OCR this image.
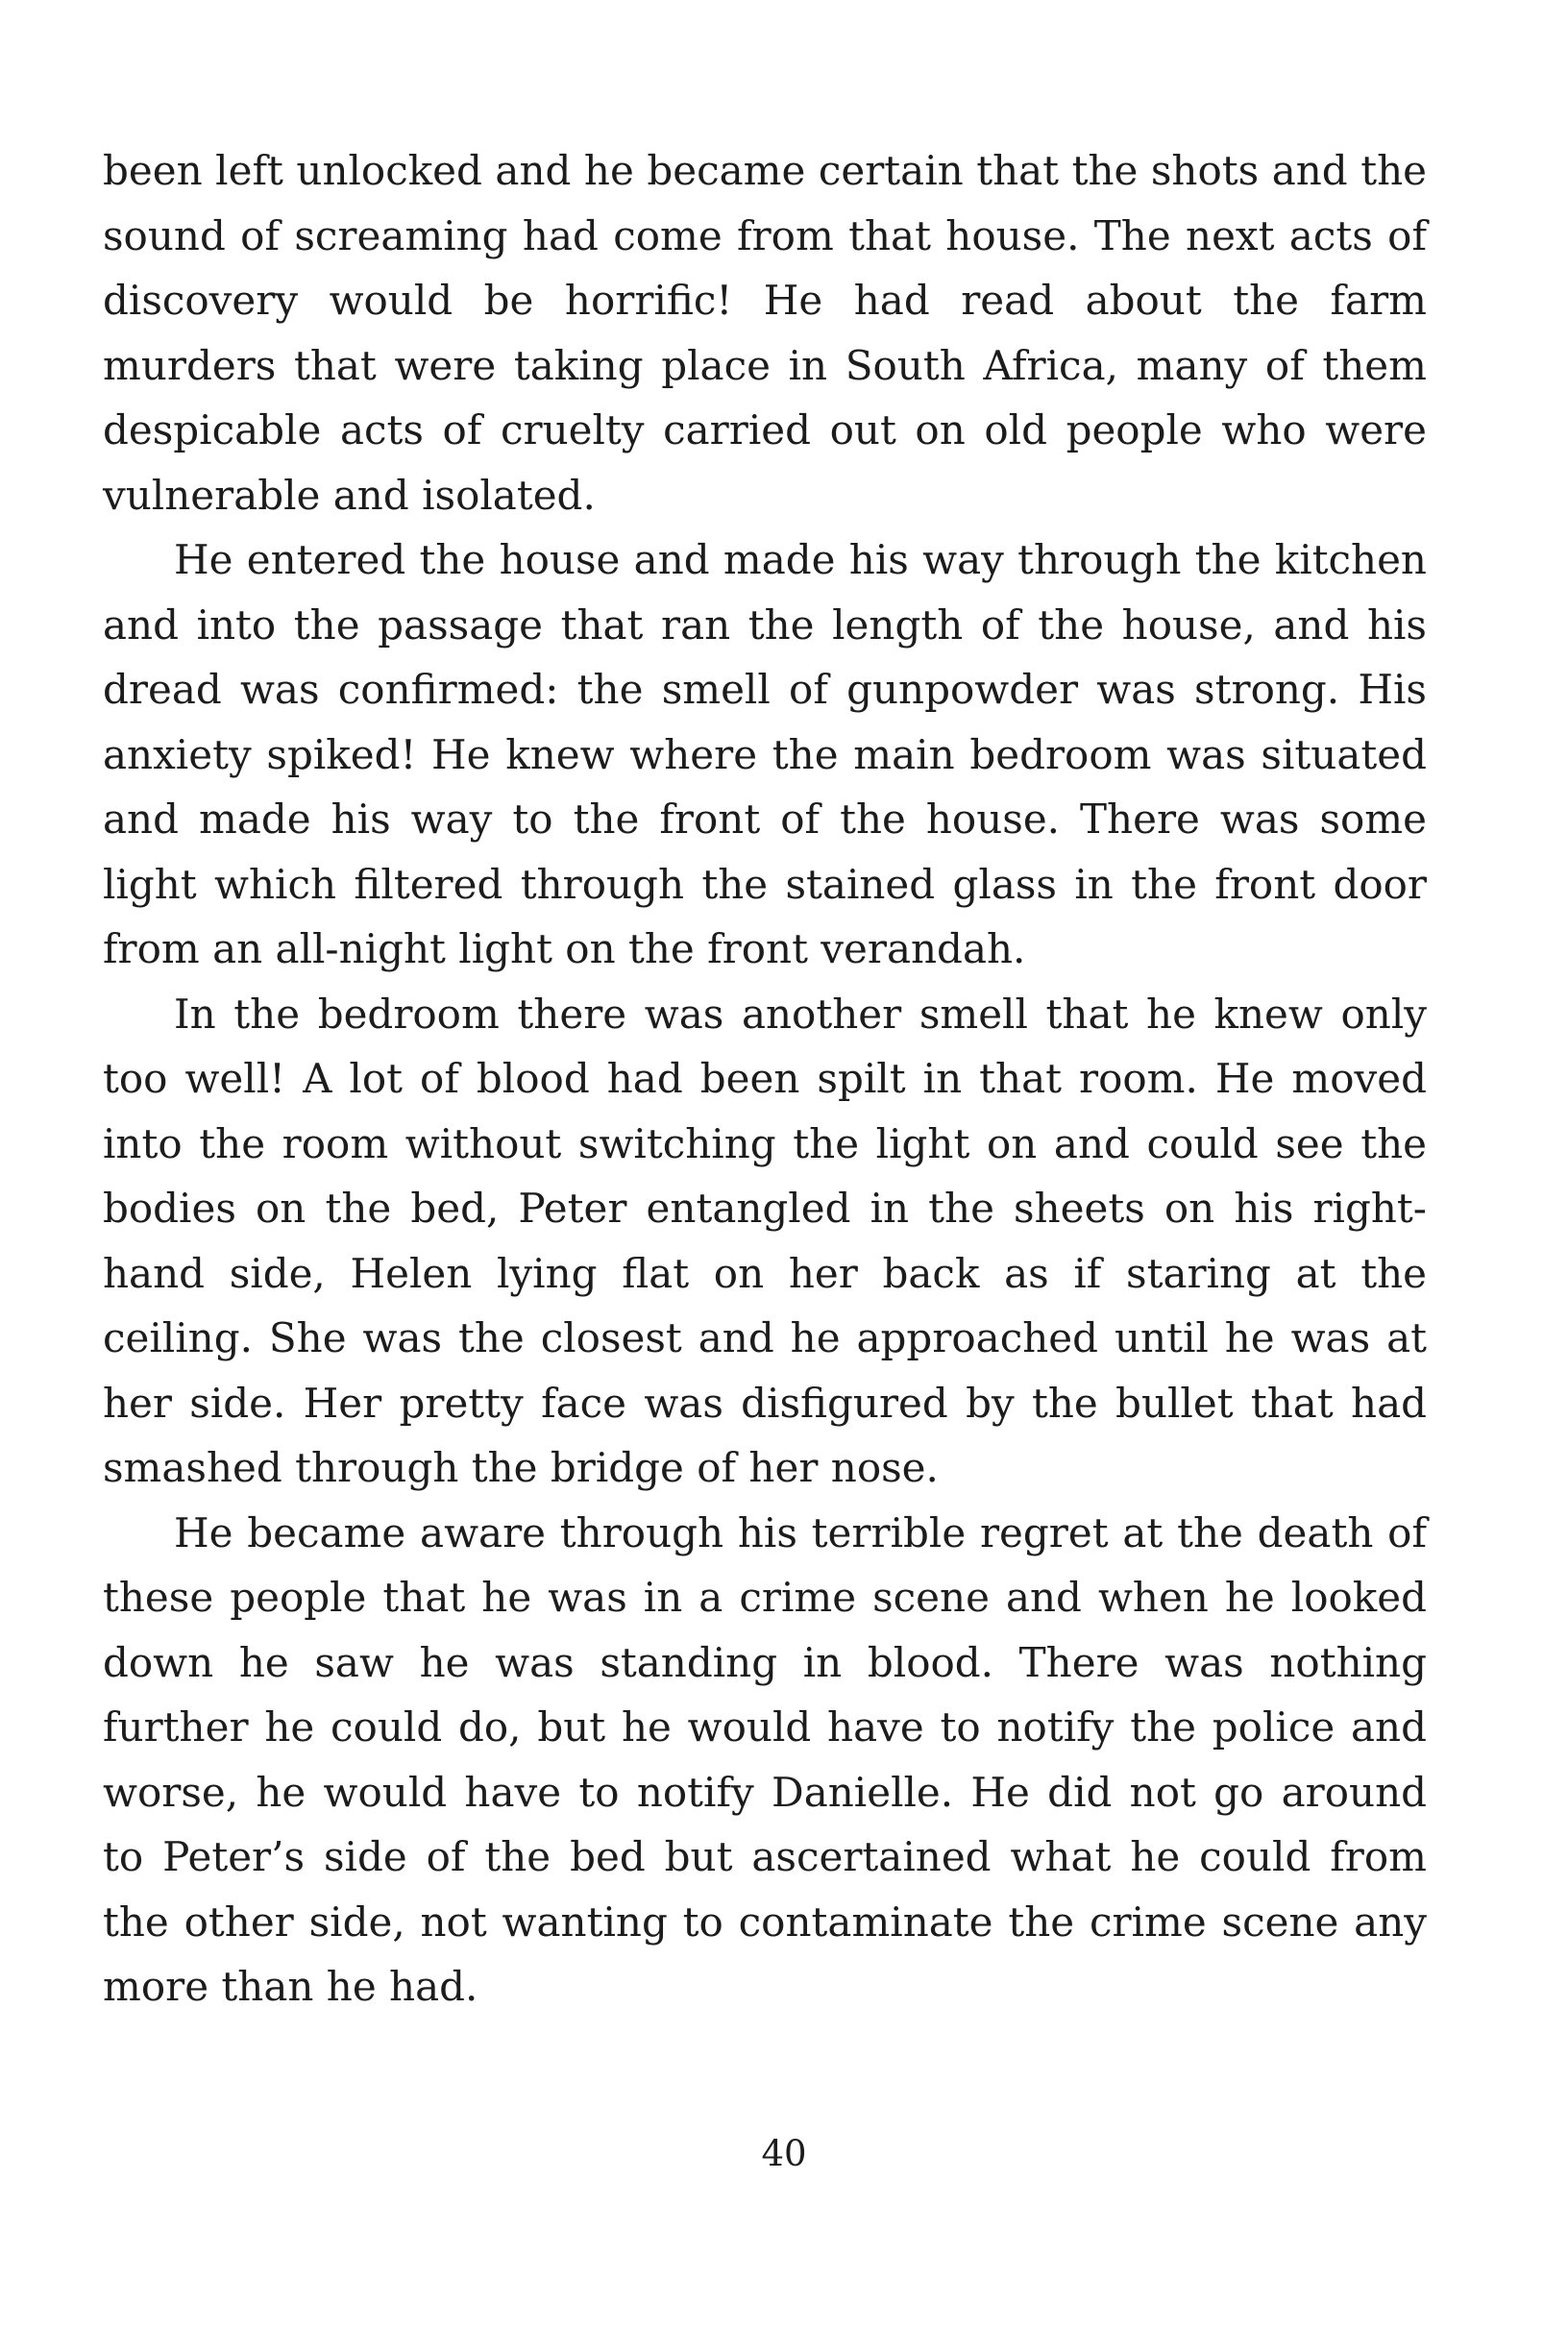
been left unlocked and he became certain that the shots and the sound of screaming had come from that house. The next acts of discovery would be horrific! He had read about the farm murders that were taking place in South Africa, many of them despicable acts of cruelty carried out on old people who were vulnerable and isolated.

He entered the house and made his way through the kitchen and into the passage that ran the length of the house, and his dread was confirmed: the smell of gunpowder was strong. His anxiety spiked! He knew where the main bedroom was situated and made his way to the front of the house. There was some light which filtered through the stained glass in the front door from an all-night light on the front verandah.

In the bedroom there was another smell that he knew only too well! A lot of blood had been spilt in that room. He moved into the room without switching the light on and could see the bodies on the bed, Peter entangled in the sheets on his right-hand side, Helen lying flat on her back as if staring at the ceiling. She was the closest and he approached until he was at her side. Her pretty face was disfigured by the bullet that had smashed through the bridge of her nose.

He became aware through his terrible regret at the death of these people that he was in a crime scene and when he looked down he saw he was standing in blood. There was nothing further he could do, but he would have to notify the police and worse, he would have to notify Danielle. He did not go around to Peter’s side of the bed but ascertained what he could from the other side, not wanting to contaminate the crime scene any more than he had.

40
